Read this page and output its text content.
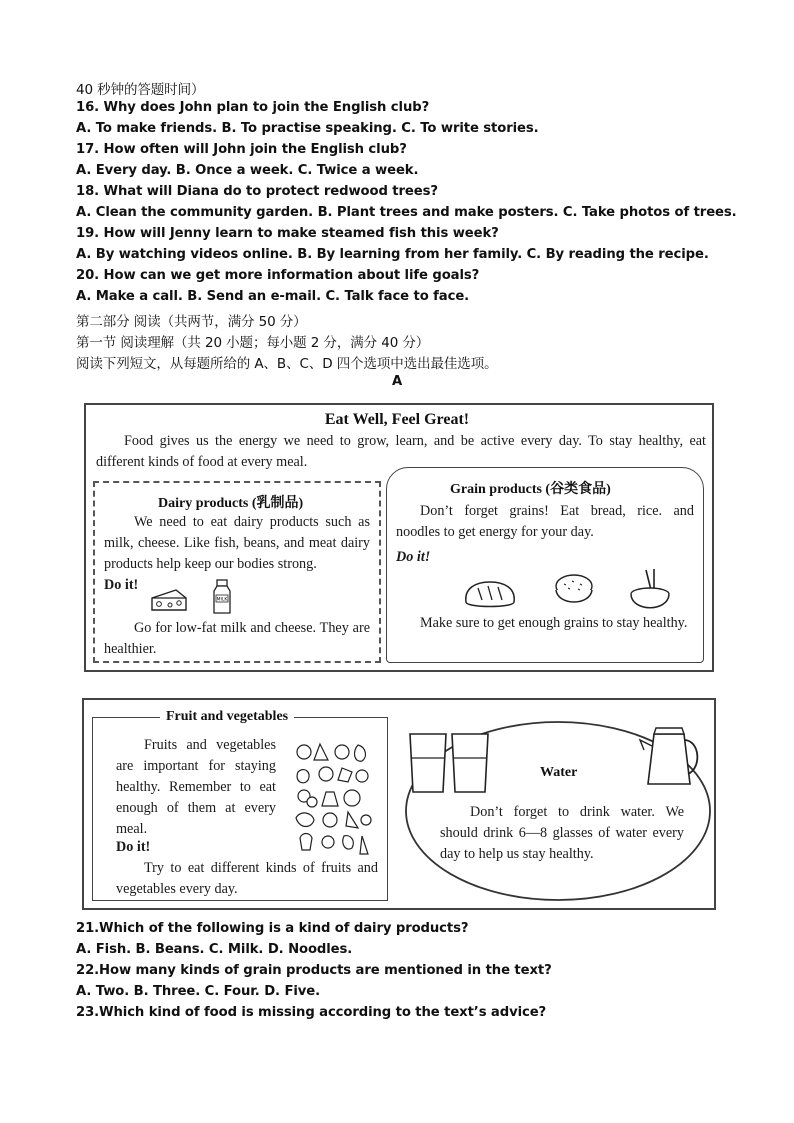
40 秒钟的答题时间）
16. Why does John plan to join the English club?
A. To make friends. B. To practise speaking. C. To write stories.
17. How often will John join the English club?
A. Every day. B. Once a week. C. Twice a week.
18. What will Diana do to protect redwood trees?
A. Clean the community garden. B. Plant trees and make posters. C. Take photos of trees.
19. How will Jenny learn to make steamed fish this week?
A. By watching videos online. B. By learning from her family. C. By reading the recipe.
20. How can we get more information about life goals?
A. Make a call. B. Send an e-mail. C. Talk face to face.
第二部分 阅读（共两节，满分 50 分）
第一节 阅读理解（共 20 小题；每小题 2 分，满分 40 分）
阅读下列短文，从每题所给的 A、B、C、D 四个选项中选出最佳选项。
A
Eat Well, Feel Great!
Food gives us the energy we need to grow, learn, and be active every day. To stay healthy, eat different kinds of food at every meal.
Dairy products (乳制品)
We need to eat dairy products such as milk, cheese. Like fish, beans, and meat dairy products help keep our bodies strong.
Do it!
MILK
Go for low-fat milk and cheese. They are healthier.
Grain products (谷类食品)
Don’t forget grains! Eat bread, rice. and noodles to get energy for your day.
Do it!
Make sure to get enough grains to stay healthy.
Fruit and vegetables
Fruits and vegetables are important for staying healthy. Remember to eat enough of them at every meal.
Do it!
Try to eat different kinds of fruits and vegetables every day.
Water
Don’t forget to drink water. We should drink 6—8 glasses of water every day to help us stay healthy.
21.Which of the following is a kind of dairy products?
A. Fish. B. Beans. C. Milk. D. Noodles.
22.How many kinds of grain products are mentioned in the text?
A. Two. B. Three. C. Four. D. Five.
23.Which kind of food is missing according to the text’s advice?
